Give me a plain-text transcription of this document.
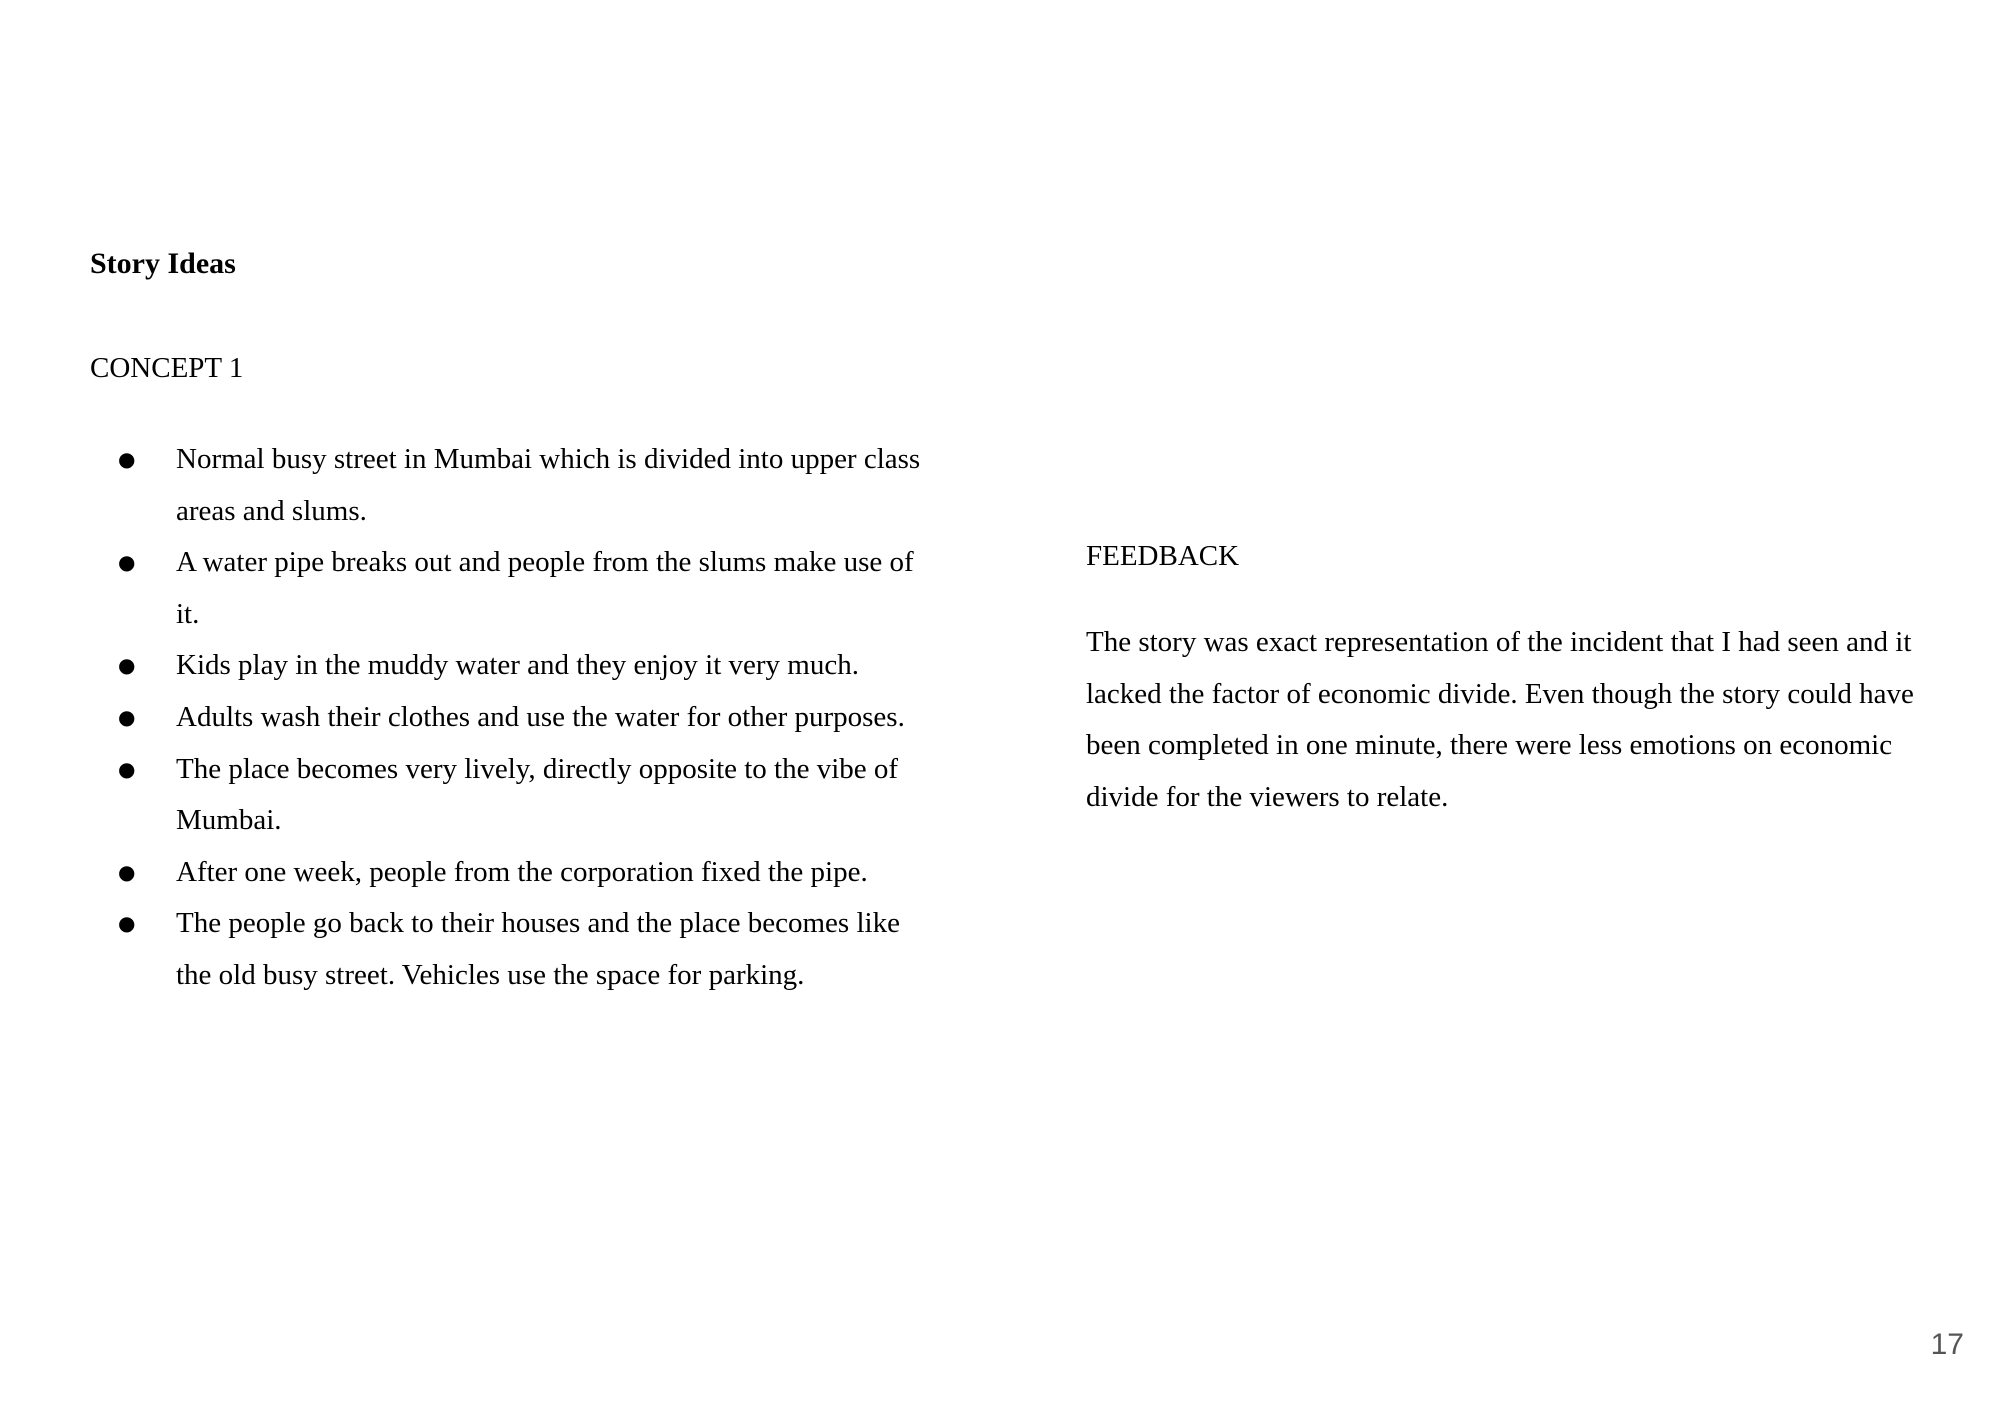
Story Ideas

CONCEPT 1

● Normal busy street in Mumbai which is divided into upper class areas and slums.
● A water pipe breaks out and people from the slums make use of it.
● Kids play in the muddy water and they enjoy it very much.
● Adults wash their clothes and use the water for other purposes.
● The place becomes very lively, directly opposite to the vibe of Mumbai.
● After one week, people from the corporation fixed the pipe.
● The people go back to their houses and the place becomes like the old busy street. Vehicles use the space for parking.

FEEDBACK

The story was exact representation of the incident that I had seen and it lacked the factor of economic divide. Even though the story could have been completed in one minute, there were less emotions on economic divide for the viewers to relate.

17
